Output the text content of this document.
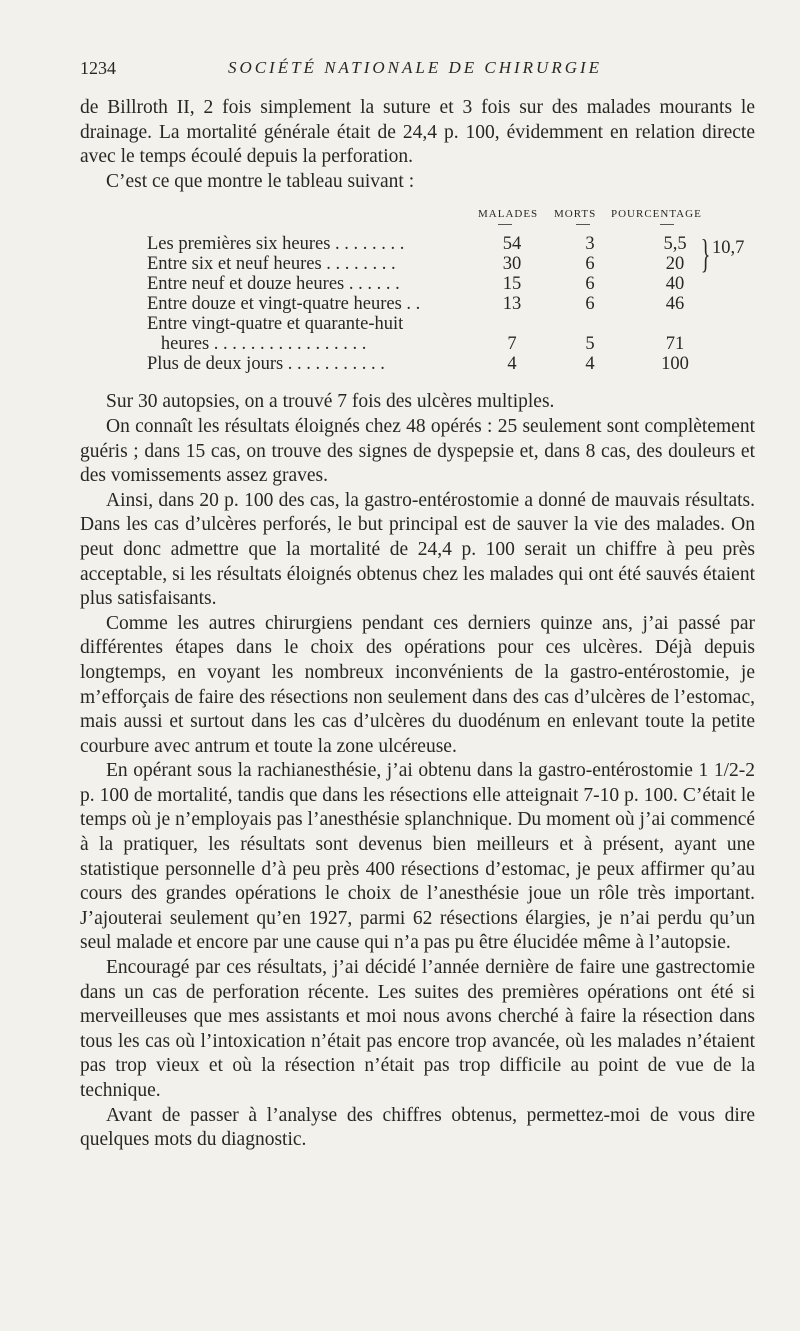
1234	SOCIÉTÉ NATIONALE DE CHIRURGIE

de Billroth II, 2 fois simplement la suture et 3 fois sur des malades mourants le drainage. La mortalité générale était de 24,4 p. 100, évidemment en relation directe avec le temps écoulé depuis la perforation.

C’est ce que montre le tableau suivant :

MALADES MORTS POURCENTAGE
Les premières six heures . . . . . . . .	54	3	5,5
Entre six et neuf heures . . . . . . . .	30	6	20
Entre neuf et douze heures . . . . . .	15	6	40
Entre douze et vingt-quatre heures . .	13	6	46
Entre vingt-quatre et quarante-huit
heures . . . . . . . . . . . . . . . . .	7	5	71
Plus de deux jours . . . . . . . . . . .	4	4	100
} 10,7

Sur 30 autopsies, on a trouvé 7 fois des ulcères multiples.

On connaît les résultats éloignés chez 48 opérés : 25 seulement sont complètement guéris ; dans 15 cas, on trouve des signes de dyspepsie et, dans 8 cas, des douleurs et des vomissements assez graves.

Ainsi, dans 20 p. 100 des cas, la gastro-entérostomie a donné de mauvais résultats. Dans les cas d’ulcères perforés, le but principal est de sauver la vie des malades. On peut donc admettre que la mortalité de 24,4 p. 100 serait un chiffre à peu près acceptable, si les résultats éloignés obtenus chez les malades qui ont été sauvés étaient plus satisfaisants.

Comme les autres chirurgiens pendant ces derniers quinze ans, j’ai passé par différentes étapes dans le choix des opérations pour ces ulcères. Déjà depuis longtemps, en voyant les nombreux inconvénients de la gastro-entérostomie, je m’efforçais de faire des résections non seulement dans des cas d’ulcères de l’estomac, mais aussi et surtout dans les cas d’ulcères du duodénum en enlevant toute la petite courbure avec antrum et toute la zone ulcéreuse.

En opérant sous la rachianesthésie, j’ai obtenu dans la gastro-entérostomie 1 1/2-2 p. 100 de mortalité, tandis que dans les résections elle atteignait 7-10 p. 100. C’était le temps où je n’employais pas l’anesthésie splanchnique. Du moment où j’ai commencé à la pratiquer, les résultats sont devenus bien meilleurs et à présent, ayant une statistique personnelle d’à peu près 400 résections d’estomac, je peux affirmer qu’au cours des grandes opérations le choix de l’anesthésie joue un rôle très important. J’ajouterai seulement qu’en 1927, parmi 62 résections élargies, je n’ai perdu qu’un seul malade et encore par une cause qui n’a pas pu être élucidée même à l’autopsie.

Encouragé par ces résultats, j’ai décidé l’année dernière de faire une gastrectomie dans un cas de perforation récente. Les suites des premières opérations ont été si merveilleuses que mes assistants et moi nous avons cherché à faire la résection dans tous les cas où l’intoxication n’était pas encore trop avancée, où les malades n’étaient pas trop vieux et où la résection n’était pas trop difficile au point de vue de la technique.

Avant de passer à l’analyse des chiffres obtenus, permettez-moi de vous dire quelques mots du diagnostic.
